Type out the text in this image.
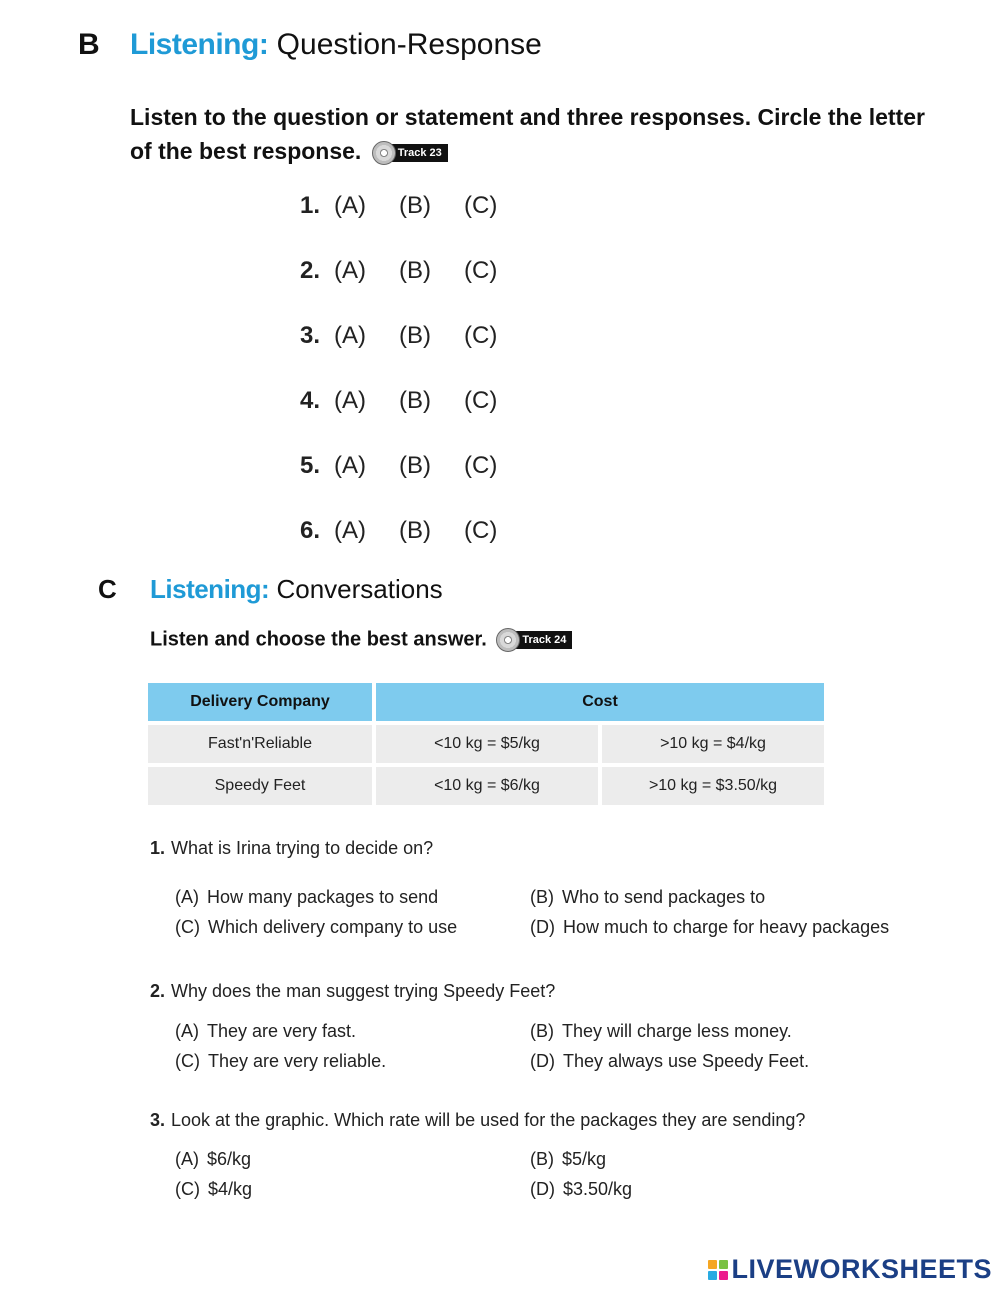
B Listening: Question-Response
Listen to the question or statement and three responses. Circle the letter of the best response.	Track 23
1. (A)	(B)	(C)
2. (A)	(B)	(C)
3. (A)	(B)	(C)
4. (A)	(B)	(C)
5. (A)	(B)	(C)
6. (A)	(B)	(C)
C Listening: Conversations
Listen and choose the best answer.	Track 24
Delivery Company	Cost	
Fast'n'Reliable	<10 kg = $5/kg	>10 kg = $4/kg
Speedy Feet	<10 kg = $6/kg	>10 kg = $3.50/kg
1. What is Irina trying to decide on?
(A) How many packages to send	(B) Who to send packages to
(C) Which delivery company to use	(D) How much to charge for heavy packages
2. Why does the man suggest trying Speedy Feet?
(A) They are very fast.	(B) They will charge less money.
(C) They are very reliable.	(D) They always use Speedy Feet.
3. Look at the graphic. Which rate will be used for the packages they are sending?
(A) $6/kg	(B) $5/kg
(C) $4/kg	(D) $3.50/kg
LIVEWORKSHEETS
